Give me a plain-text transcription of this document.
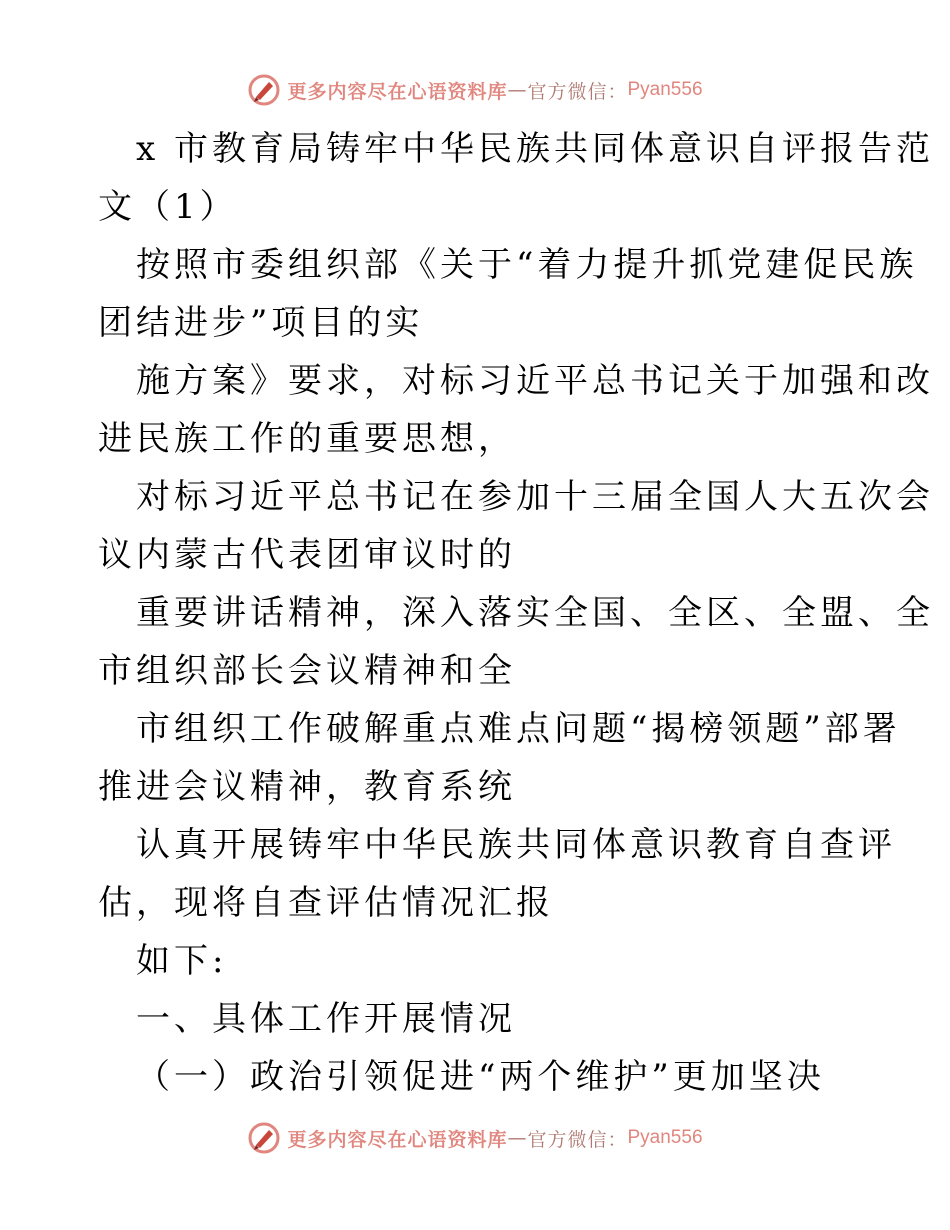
更多内容尽在心语资料库 — 官方微信： Pyan556
x 市教育局铸牢中华民族共同体意识自评报告范
文（1）
按照市委组织部《关于“着力提升抓党建促民族
团结进步”项目的实
施方案》要求，对标习近平总书记关于加强和改
进民族工作的重要思想，
对标习近平总书记在参加十三届全国人大五次会
议内蒙古代表团审议时的
重要讲话精神，深入落实全国、全区、全盟、全
市组织部长会议精神和全
市组织工作破解重点难点问题“揭榜领题”部署
推进会议精神，教育系统
认真开展铸牢中华民族共同体意识教育自查评
估，现将自查评估情况汇报
如下:
一、具体工作开展情况
（一）政治引领促进“两个维护”更加坚决
更多内容尽在心语资料库 — 官方微信： Pyan556
